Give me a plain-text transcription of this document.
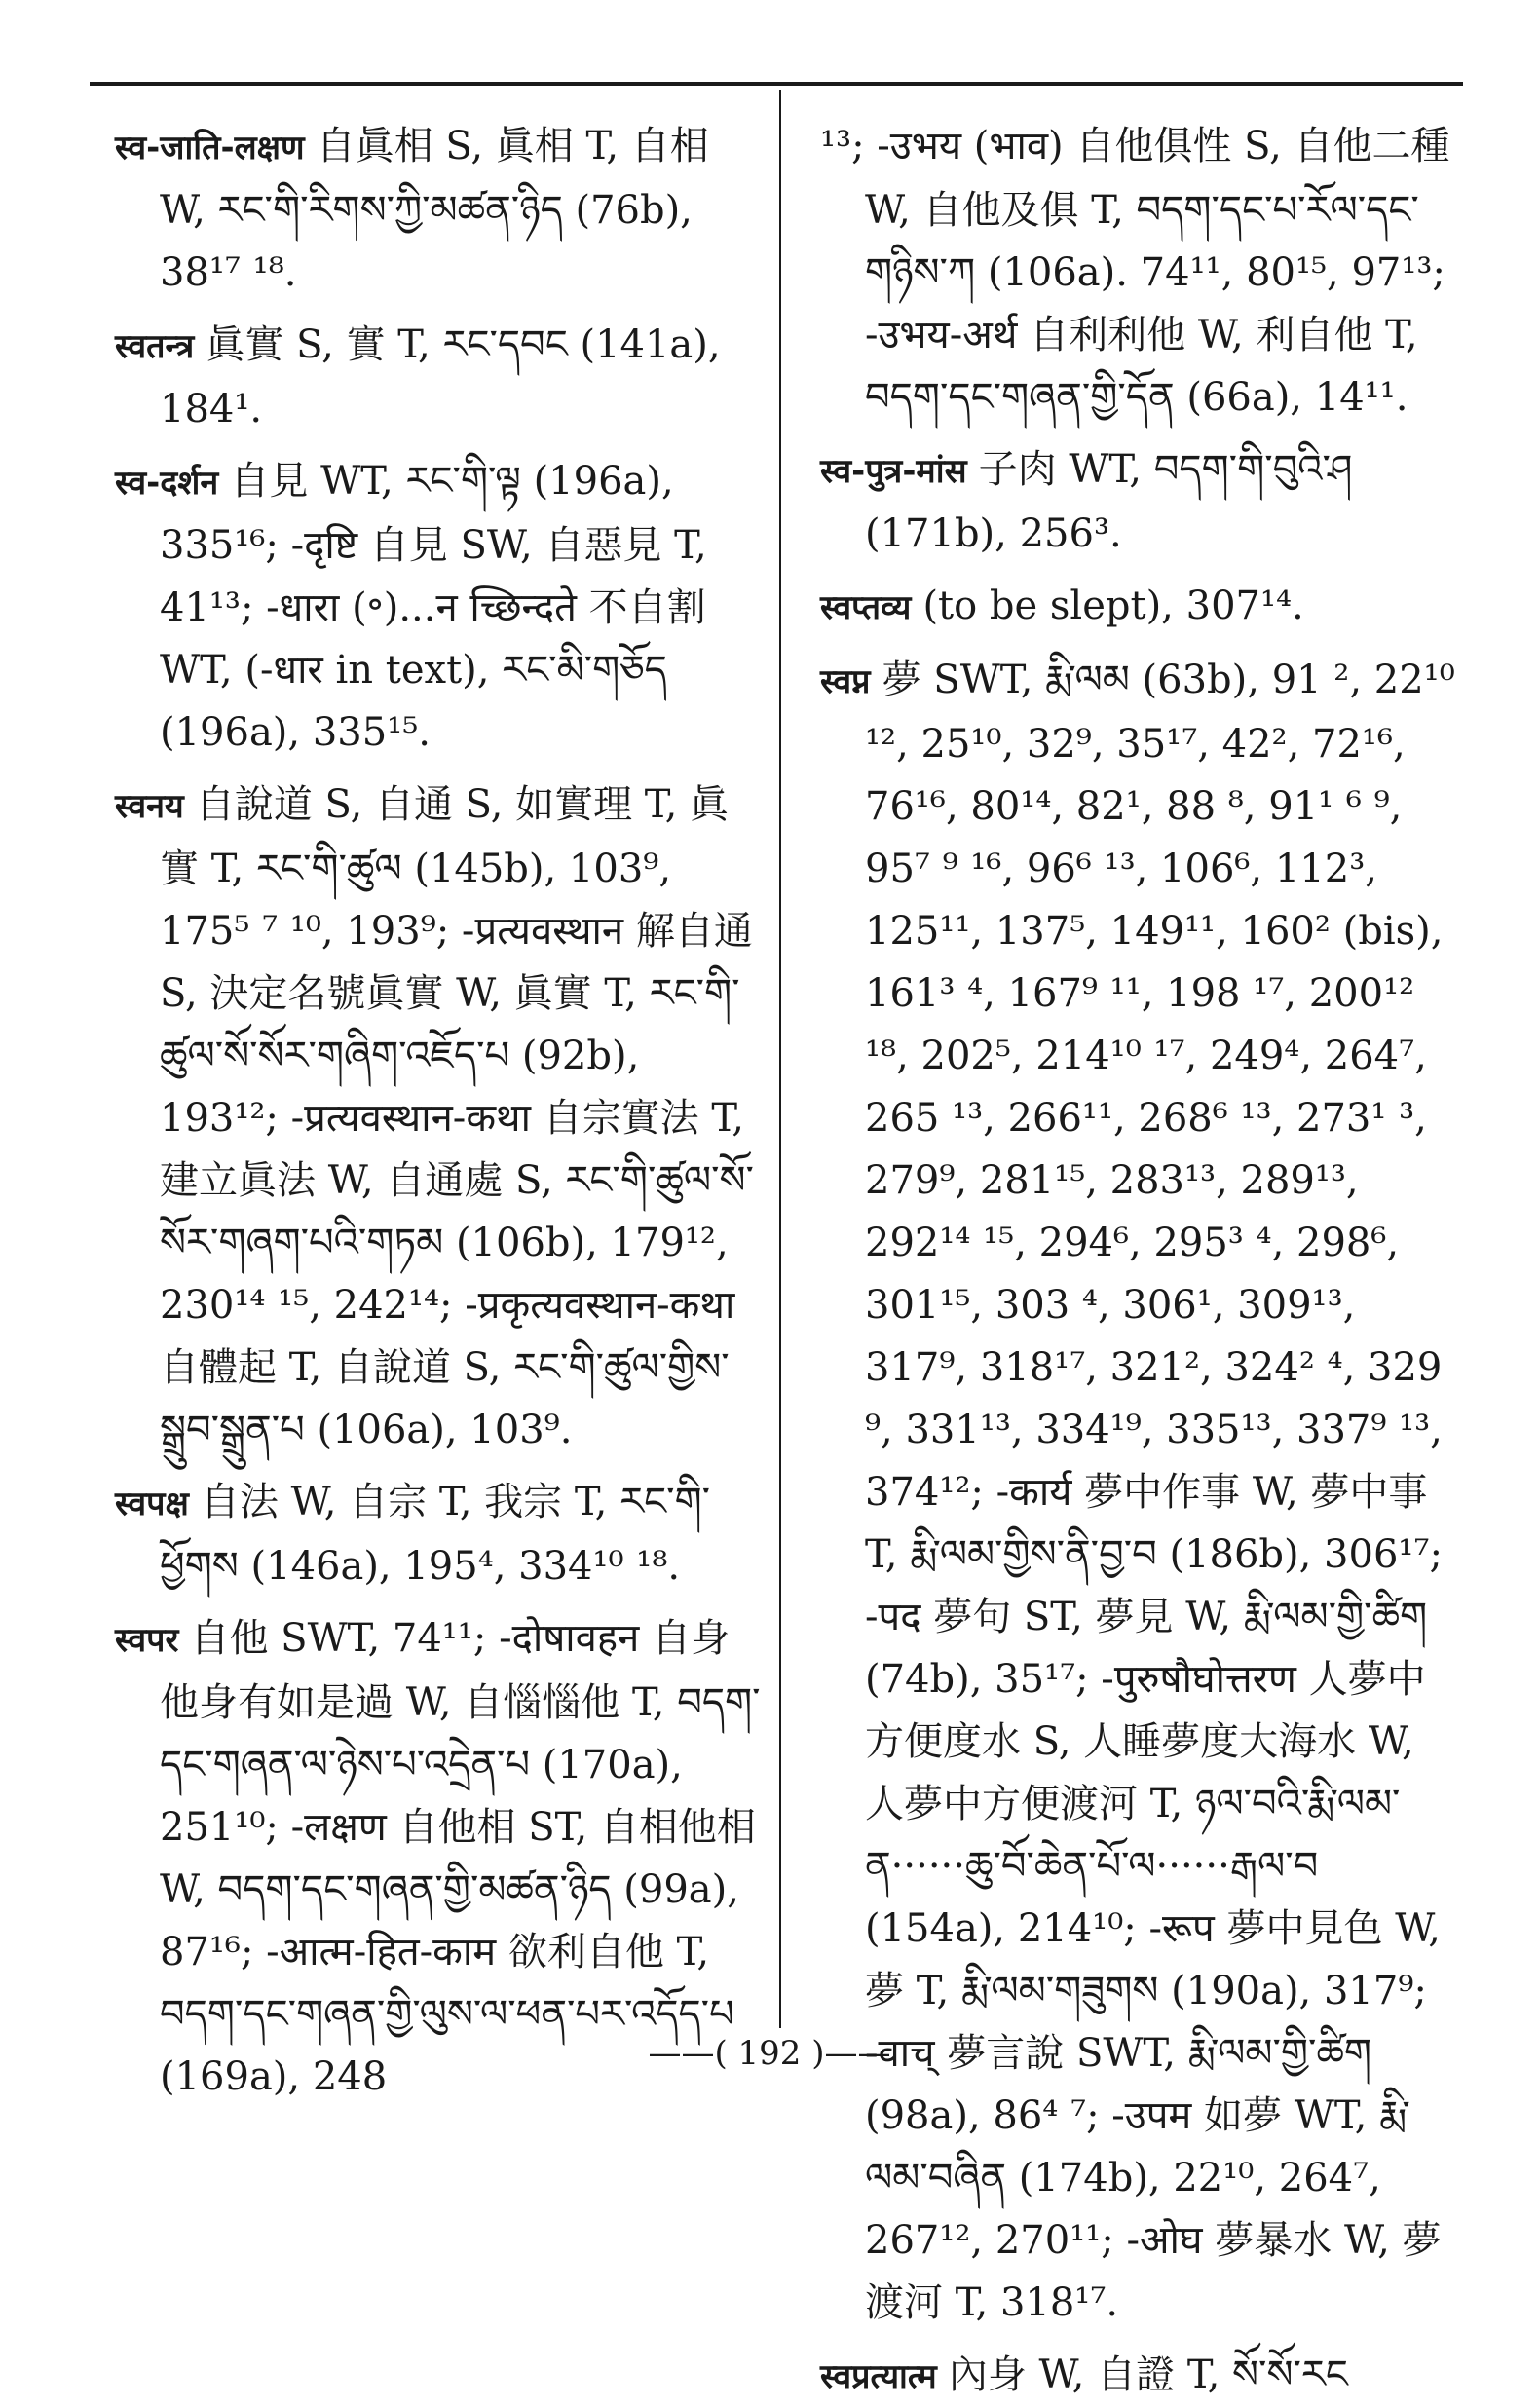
स्व-जाति-लक्षण 自眞相 S, 眞相 T, 自相 W, རང་གི་རིགས་ཀྱི་མཚན་ཉིད (76b), 38¹⁷ ¹⁸.

स्वतन्त्र 眞實 S, 實 T, རང་དབང (141a), 184¹.

स्व-दर्शन 自見 WT, རང་གི་ལྟ (196a), 335¹⁶; -दृष्टि 自見 SW, 自惡見 T, 41¹³; -धारा (॰)...न च्छिन्दते 不自割 WT, (-धार in text), རང་མི་གཅོད (196a), 335¹⁵.

स्वनय 自說道 S, 自通 S, 如實理 T, 眞實 T, རང་གི་ཚུལ (145b), 103⁹, 175⁵ ⁷ ¹⁰, 193⁹; -प्रत्यवस्थान 解自通 S, 決定名號眞實 W, 眞實 T, རང་གི་ཚུལ་སོ་སོར་གཞིག་འཇོད་པ (92b), 193¹²; -प्रत्यवस्थान-कथा 自宗實法 T, 建立眞法 W, 自通處 S, རང་གི་ཚུལ་སོ་སོར་གཞག་པའི་གཏམ (106b), 179¹², 230¹⁴ ¹⁵, 242¹⁴; -प्रकृत्यवस्थान-कथा 自體起 T, 自說道 S, རང་གི་ཚུལ་གྱིས་སྒྲུབ་སྒྲུན་པ (106a), 103⁹.

स्वपक्ष 自法 W, 自宗 T, 我宗 T, རང་གི་ཕྱོགས (146a), 195⁴, 334¹⁰ ¹⁸.

स्वपर 自他 SWT, 74¹¹; -दोषावहन 自身他身有如是過 W, 自惱惱他 T, བདག་དང་གཞན་ལ་ཉེས་པ་འདྲེན་པ (170a), 251¹⁰; -लक्षण 自他相 ST, 自相他相 W, བདག་དང་གཞན་གྱི་མཚན་ཉིད (99a), 87¹⁶; -आत्म-हित-काम 欲利自他 T, བདག་དང་གཞན་གྱི་ལུས་ལ་ཕན་པར་འདོད་པ (169a), 248

¹³; -उभय (भाव) 自他俱性 S, 自他二種 W, 自他及俱 T, བདག་དང་པ་རོལ་དང་གཉིས་ཀ (106a). 74¹¹, 80¹⁵, 97¹³; -उभय-अर्थ 自利利他 W, 利自他 T, བདག་དང་གཞན་གྱི་དོན (66a), 14¹¹.

स्व-पुत्र-मांस 子肉 WT, བདག་གི་བུའི་ཤ (171b), 256³.

स्वप्तव्य (to be slept), 307¹⁴.

स्वप्न 夢 SWT, རྨི་ལམ (63b), 91 ², 22¹⁰ ¹², 25¹⁰, 32⁹, 35¹⁷, 42², 72¹⁶, 76¹⁶, 80¹⁴, 82¹, 88 ⁸, 91¹ ⁶ ⁹, 95⁷ ⁹ ¹⁶, 96⁶ ¹³, 106⁶, 112³, 125¹¹, 137⁵, 149¹¹, 160² (bis), 161³ ⁴, 167⁹ ¹¹, 198 ¹⁷, 200¹² ¹⁸, 202⁵, 214¹⁰ ¹⁷, 249⁴, 264⁷, 265 ¹³, 266¹¹, 268⁶ ¹³, 273¹ ³, 279⁹, 281¹⁵, 283¹³, 289¹³, 292¹⁴ ¹⁵, 294⁶, 295³ ⁴, 298⁶, 301¹⁵, 303 ⁴, 306¹, 309¹³, 317⁹, 318¹⁷, 321², 324² ⁴, 329 ⁹, 331¹³, 334¹⁹, 335¹³, 337⁹ ¹³, 374¹²; -कार्य 夢中作事 W, 夢中事 T, རྨི་ལམ་གྱིས་ནི་བྱ་བ (186b), 306¹⁷; -पद 夢句 ST, 夢見 W, རྨི་ལམ་གྱི་ཚིག (74b), 35¹⁷; -पुरुषौघोत्तरण 人夢中方便度水 S, 人睡夢度大海水 W, 人夢中方便渡河 T, ཉལ་བའི་རྨི་ལམ་ན······ཆུ་བོ་ཆེན་པོ་ལ······རྒལ་བ (154a), 214¹⁰; -रूप 夢中見色 W, 夢 T, རྨི་ལམ་གཟུགས (190a), 317⁹; -वाच् 夢言說 SWT, རྨི་ལམ་གྱི་ཚིག (98a), 86⁴ ⁷; -उपम 如夢 WT, རྨི་ལམ་བཞིན (174b), 22¹⁰, 264⁷, 267¹², 270¹¹; -ओघ 夢暴水 W, 夢渡河 T, 318¹⁷.

स्वप्रत्यात्म 內身 W, 自證 T, སོ་སོ་རང

——( 192 )——
